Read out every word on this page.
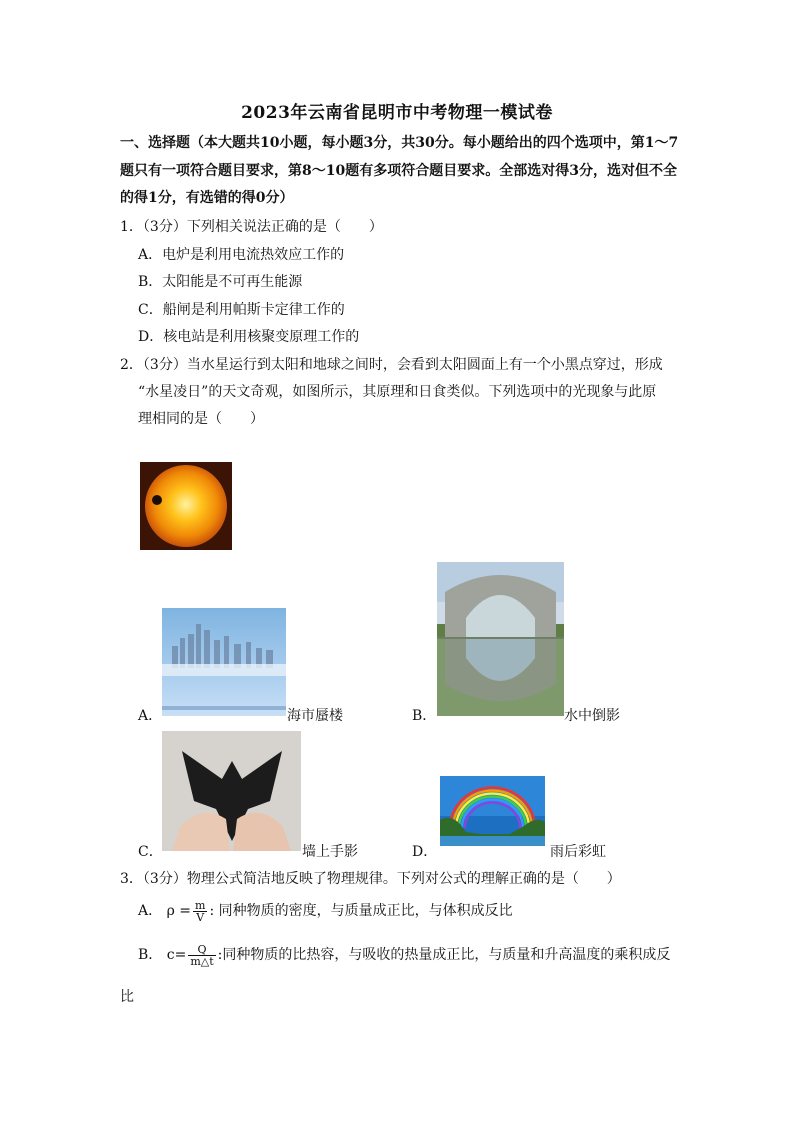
2023年云南省昆明市中考物理一模试卷
一、选择题（本大题共10小题，每小题3分，共30分。每小题给出的四个选项中，第1～7题只有一项符合题目要求，第8～10题有多项符合题目要求。全部选对得3分，选对但不全的得1分，有选错的得0分）
1．（3分）下列相关说法正确的是（　　）
A．电炉是利用电流热效应工作的
B．太阳能是不可再生能源
C．船闸是利用帕斯卡定律工作的
D．核电站是利用核聚变原理工作的
2．（3分）当水星运行到太阳和地球之间时，会看到太阳圆面上有一个小黑点穿过，形成
“水星凌日”的天文奇观，如图所示，其原理和日食类似。下列选项中的光现象与此原
理相同的是（　　）
A．	海市蜃楼	B．	水中倒影
C．	墙上手影	D．	雨后彩虹
3．（3分）物理公式简洁地反映了物理规律。下列对公式的理解正确的是（　　）
A． $\rho = \frac{m}{V}$ : 同种物质的密度，与质量成正比，与体积成反比
B． $c= \frac{Q}{m\triangle t}$ :同种物质的比热容，与吸收的热量成正比，与质量和升高温度的乘积成反
比
